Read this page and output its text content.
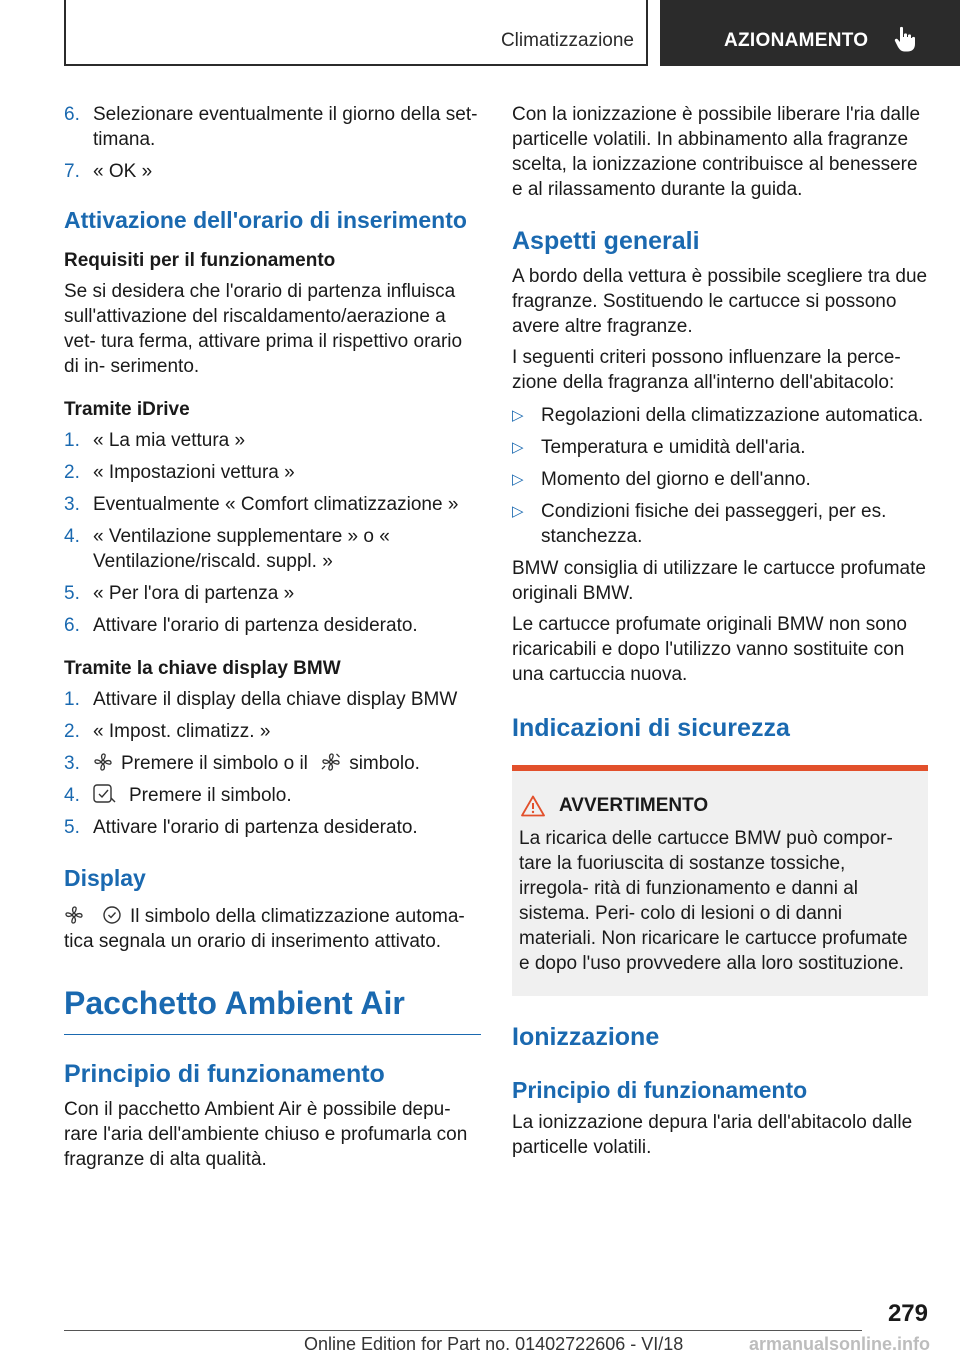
Climatizzazione	AZIONAMENTO
6. Selezionare eventualmente il giorno della set- timana.
7. « OK »
Attivazione dell'orario di inserimento
Requisiti per il funzionamento

Se si desidera che l'orario di partenza influisca sull'attivazione del riscaldamento/aerazione a vet- tura ferma, attivare prima il rispettivo orario di in- serimento.

Tramite iDrive
1. « La mia vettura »
2. « Impostazioni vettura »
3. Eventualmente « Comfort climatizzazione »
4. « Ventilazione supplementare » o « Ventilazione/riscald. suppl. »
5. « Per l'ora di partenza »
6. Attivare l'orario di partenza desiderato.
Tramite la chiave display BMW
1. Attivare il display della chiave display BMW
2. « Impost. climatizz. »
3. Premere il simbolo o il simbolo.
4.	Premere il simbolo.
5. Attivare l'orario di partenza desiderato.
Display

Il simbolo della climatizzazione automa- tica segnala un orario di inserimento attivato.

Pacchetto Ambient Air
Principio di funzionamento

Con il pacchetto Ambient Air è possibile depu- rare l'aria dell'ambiente chiuso e profumarla con fragranze di alta qualità.

Con la ionizzazione è possibile liberare l'ria dalle particelle volatili. In abbinamento alla fragranze scelta, la ionizzazione contribuisce al benessere e al rilassamento durante la guida.

Aspetti generali

A bordo della vettura è possibile scegliere tra due fragranze. Sostituendo le cartucce si possono avere altre fragranze.

I seguenti criteri possono influenzare la perce- zione della fragranza all'interno dell'abitacolo:

▷ Regolazioni della climatizzazione automatica.
▷ Temperatura e umidità dell'aria.
▷ Momento del giorno e dell'anno.
▷ Condizioni fisiche dei passeggeri, per es. stanchezza.

BMW consiglia di utilizzare le cartucce profumate originali BMW.

Le cartucce profumate originali BMW non sono ricaricabili e dopo l'utilizzo vanno sostituite con una cartuccia nuova.

Indicazioni di sicurezza
AVVERTIMENTO

La ricarica delle cartucce BMW può compor- tare la fuoriuscita di sostanze tossiche, irregola- rità di funzionamento e danni al sistema. Peri- colo di lesioni o di danni materiali. Non ricaricare le cartucce profumate e dopo l'uso provvedere alla loro sostituzione.

Ionizzazione
Principio di funzionamento

La ionizzazione depura l'aria dell'abitacolo dalle particelle volatili.

279
Online Edition for Part no. 01402722606 - VI/18	armanualsonline.info
